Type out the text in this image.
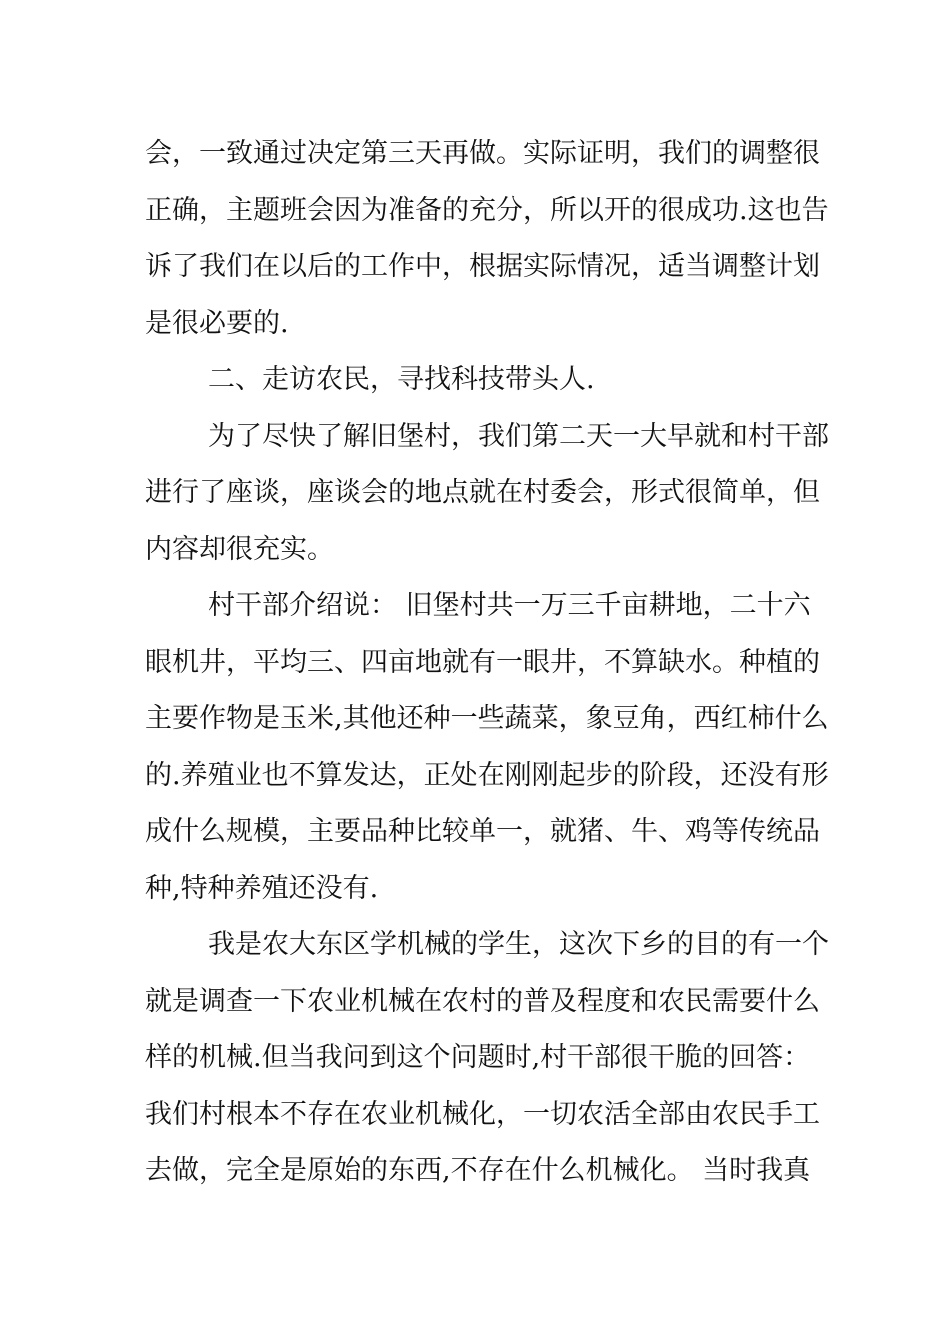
会，一致通过决定第三天再做。实际证明，我们的调整很
正确，主题班会因为准备的充分，所以开的很成功.这也告
诉了我们在以后的工作中，根据实际情况，适当调整计划
是很必要的.
二、走访农民，寻找科技带头人.
为了尽快了解旧堡村，我们第二天一大早就和村干部
进行了座谈，座谈会的地点就在村委会，形式很简单，但
内容却很充实。
村干部介绍说： 旧堡村共一万三千亩耕地，二十六
眼机井，平均三、四亩地就有一眼井，不算缺水。种植的
主要作物是玉米,其他还种一些蔬菜，象豆角，西红柿什么
的.养殖业也不算发达，正处在刚刚起步的阶段，还没有形
成什么规模，主要品种比较单一，就猪、牛、鸡等传统品
种,特种养殖还没有.
我是农大东区学机械的学生，这次下乡的目的有一个
就是调查一下农业机械在农村的普及程度和农民需要什么
样的机械.但当我问到这个问题时,村干部很干脆的回答：
我们村根本不存在农业机械化，一切农活全部由农民手工
去做，完全是原始的东西,不存在什么机械化。 当时我真
